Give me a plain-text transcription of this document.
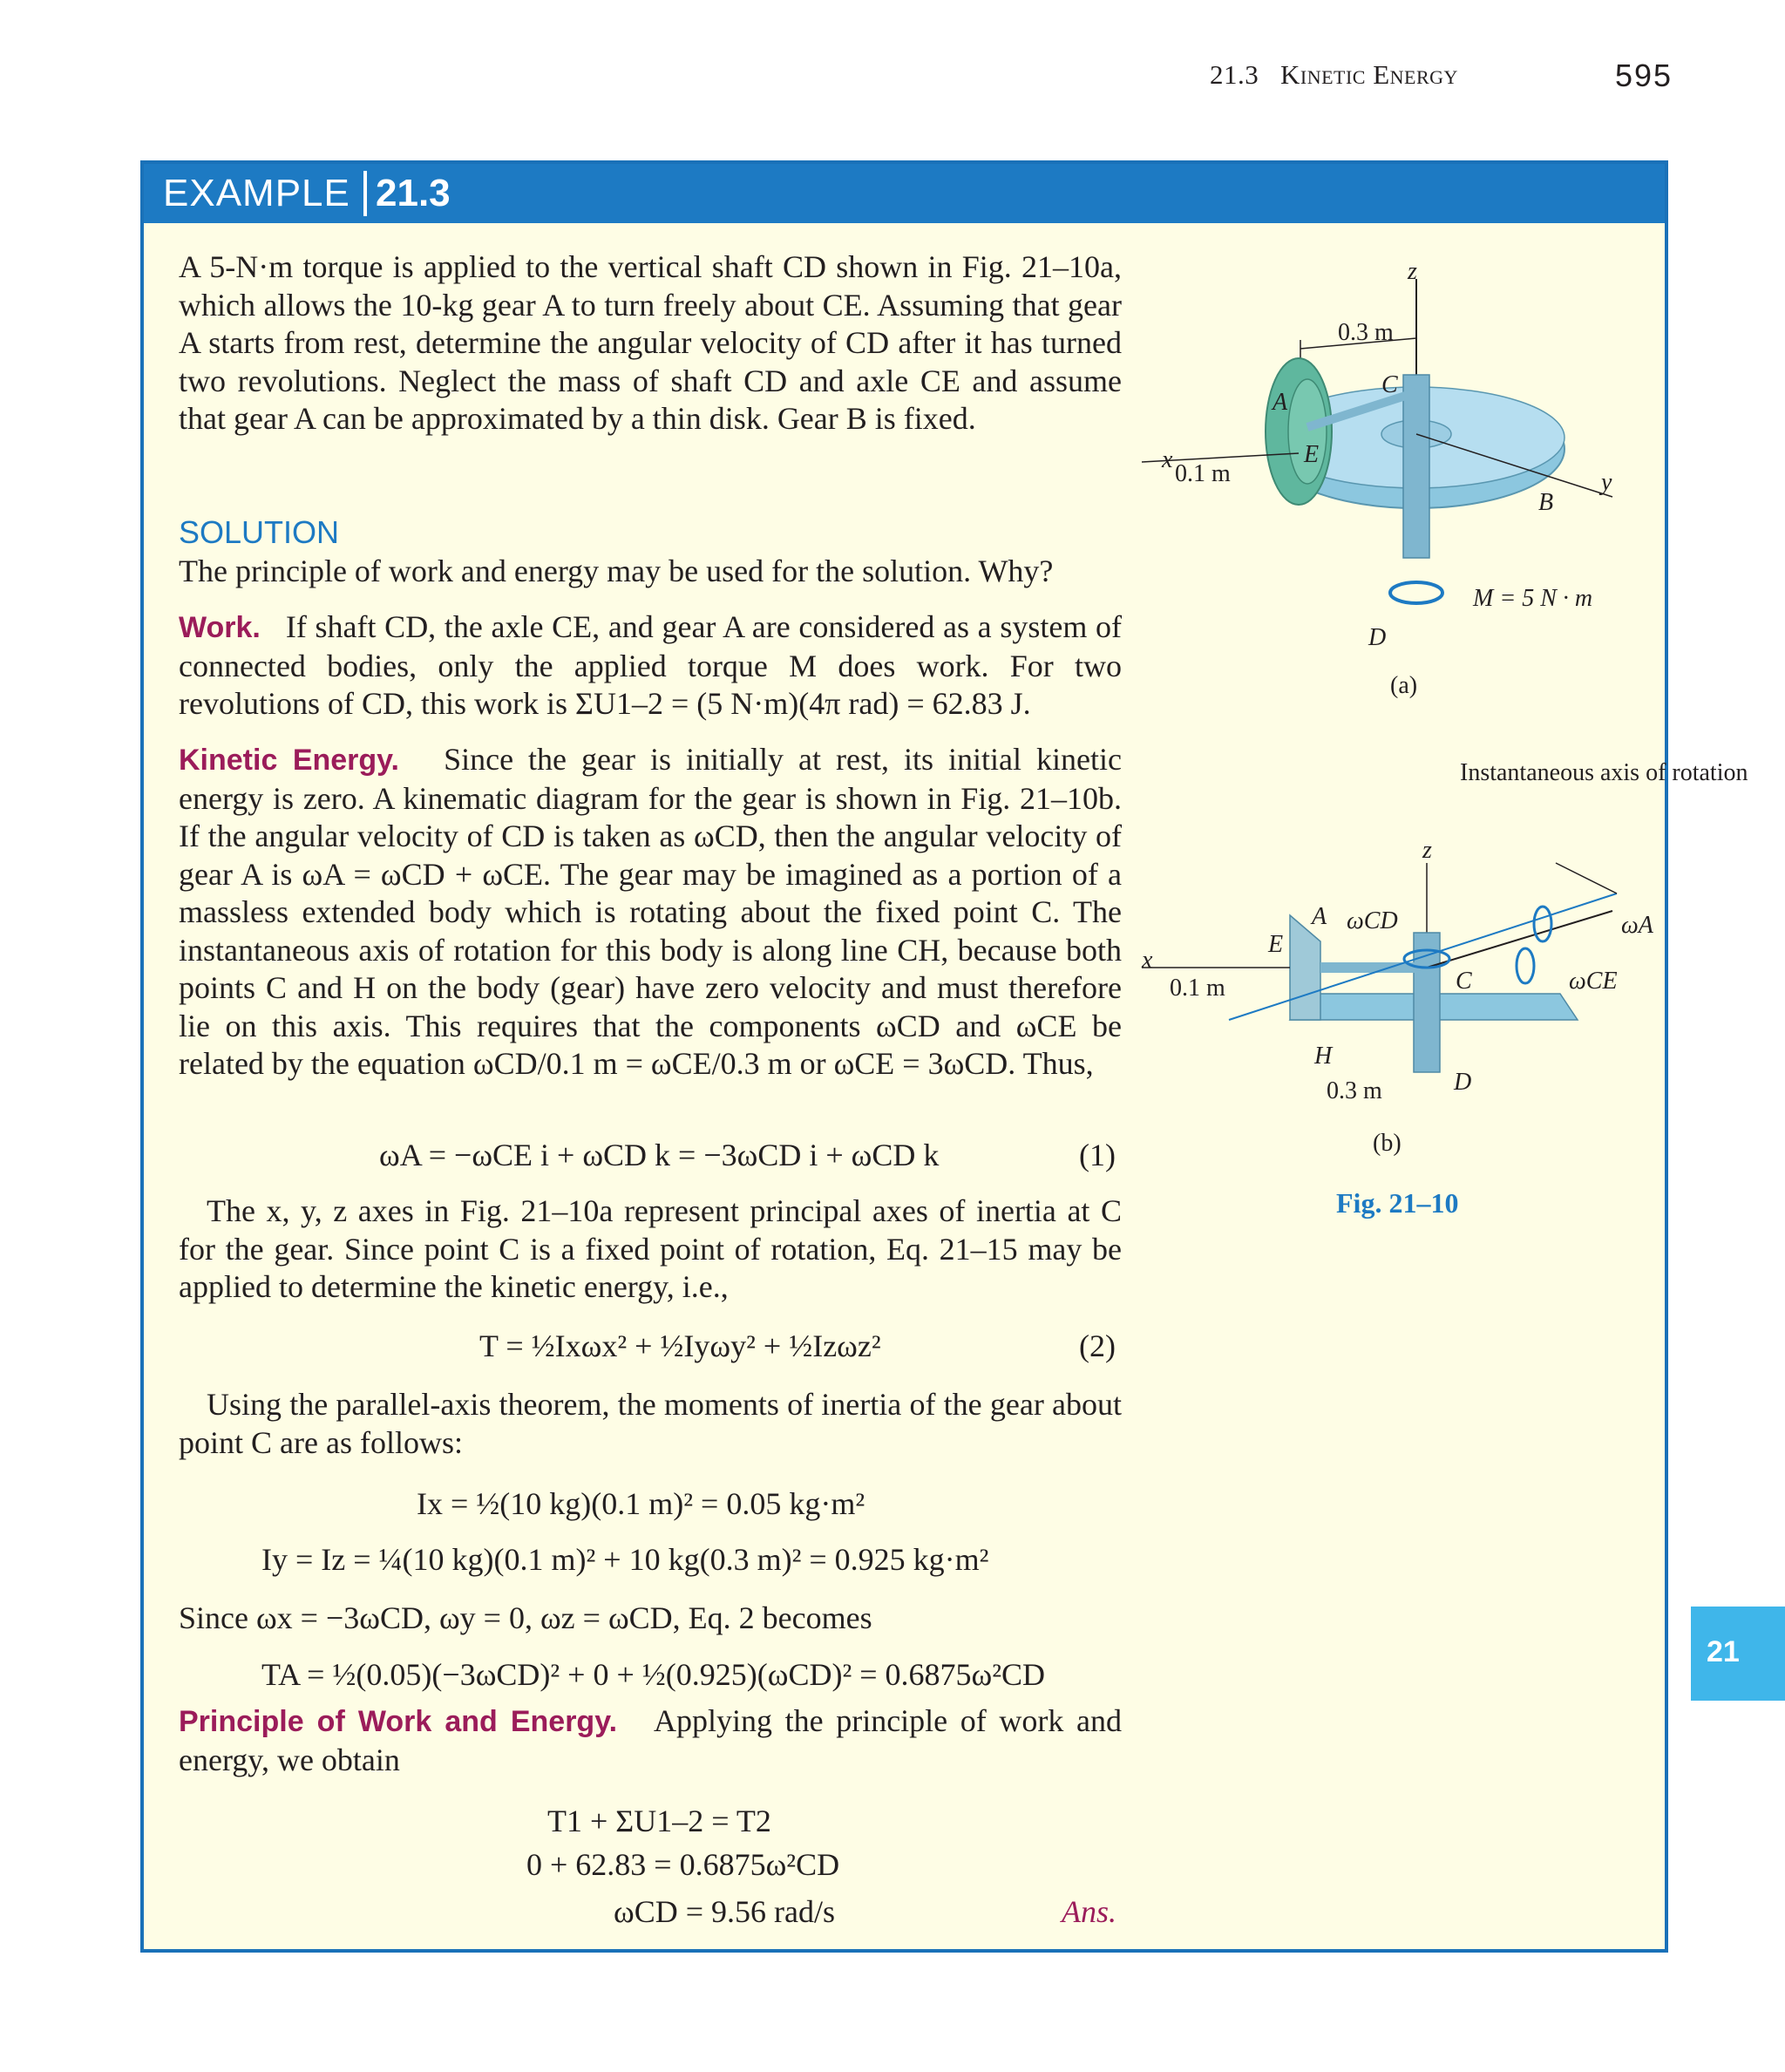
21.3 Kinetic Energy	595
EXAMPLE 21.3

A 5-N·m torque is applied to the vertical shaft CD shown in Fig. 21–10a, which allows the 10-kg gear A to turn freely about CE. Assuming that gear A starts from rest, determine the angular velocity of CD after it has turned two revolutions. Neglect the mass of shaft CD and axle CE and assume that gear A can be approximated by a thin disk. Gear B is fixed.

SOLUTION

The principle of work and energy may be used for the solution. Why?

Work. If shaft CD, the axle CE, and gear A are considered as a system of connected bodies, only the applied torque M does work. For two revolutions of CD, this work is ΣU1–2 = (5 N·m)(4π rad) = 62.83 J.

Kinetic Energy. Since the gear is initially at rest, its initial kinetic energy is zero. A kinematic diagram for the gear is shown in Fig. 21–10b. If the angular velocity of CD is taken as ωCD, then the angular velocity of gear A is ωA = ωCD + ωCE. The gear may be imagined as a portion of a massless extended body which is rotating about the fixed point C. The instantaneous axis of rotation for this body is along line CH, because both points C and H on the body (gear) have zero velocity and must therefore lie on this axis. This requires that the components ωCD and ωCE be related by the equation ωCD/0.1 m = ωCE/0.3 m or ωCE = 3ωCD. Thus,

ωA = −ωCE i + ωCD k = −3ωCD i + ωCD k	(1)

The x, y, z axes in Fig. 21–10a represent principal axes of inertia at C for the gear. Since point C is a fixed point of rotation, Eq. 21–15 may be applied to determine the kinetic energy, i.e.,

T = ½Ixωx² + ½Iyωy² + ½Izωz²	(2)

Using the parallel-axis theorem, the moments of inertia of the gear about point C are as follows:

Ix = ½(10 kg)(0.1 m)² = 0.05 kg·m²
Iy = Iz = ¼(10 kg)(0.1 m)² + 10 kg(0.3 m)² = 0.925 kg·m²
Since ωx = −3ωCD, ωy = 0, ωz = ωCD, Eq. 2 becomes
TA = ½(0.05)(−3ωCD)² + 0 + ½(0.925)(ωCD)² = 0.6875ω²CD

Principle of Work and Energy. Applying the principle of work and energy, we obtain

T1 + ΣU1–2 = T2
0 + 62.83 = 0.6875ω²CD
ωCD = 9.56 rad/s	Ans.
z
0.3 m
x
0.1 m	y
A
C
E
B
D
M = 5 N · m
(a)
Instantaneous axis of rotation
z
x
0.1 m
A ωCD	ωA
E
C	ωCE
H
D
0.3 m
(b)
Fig. 21–10
21
